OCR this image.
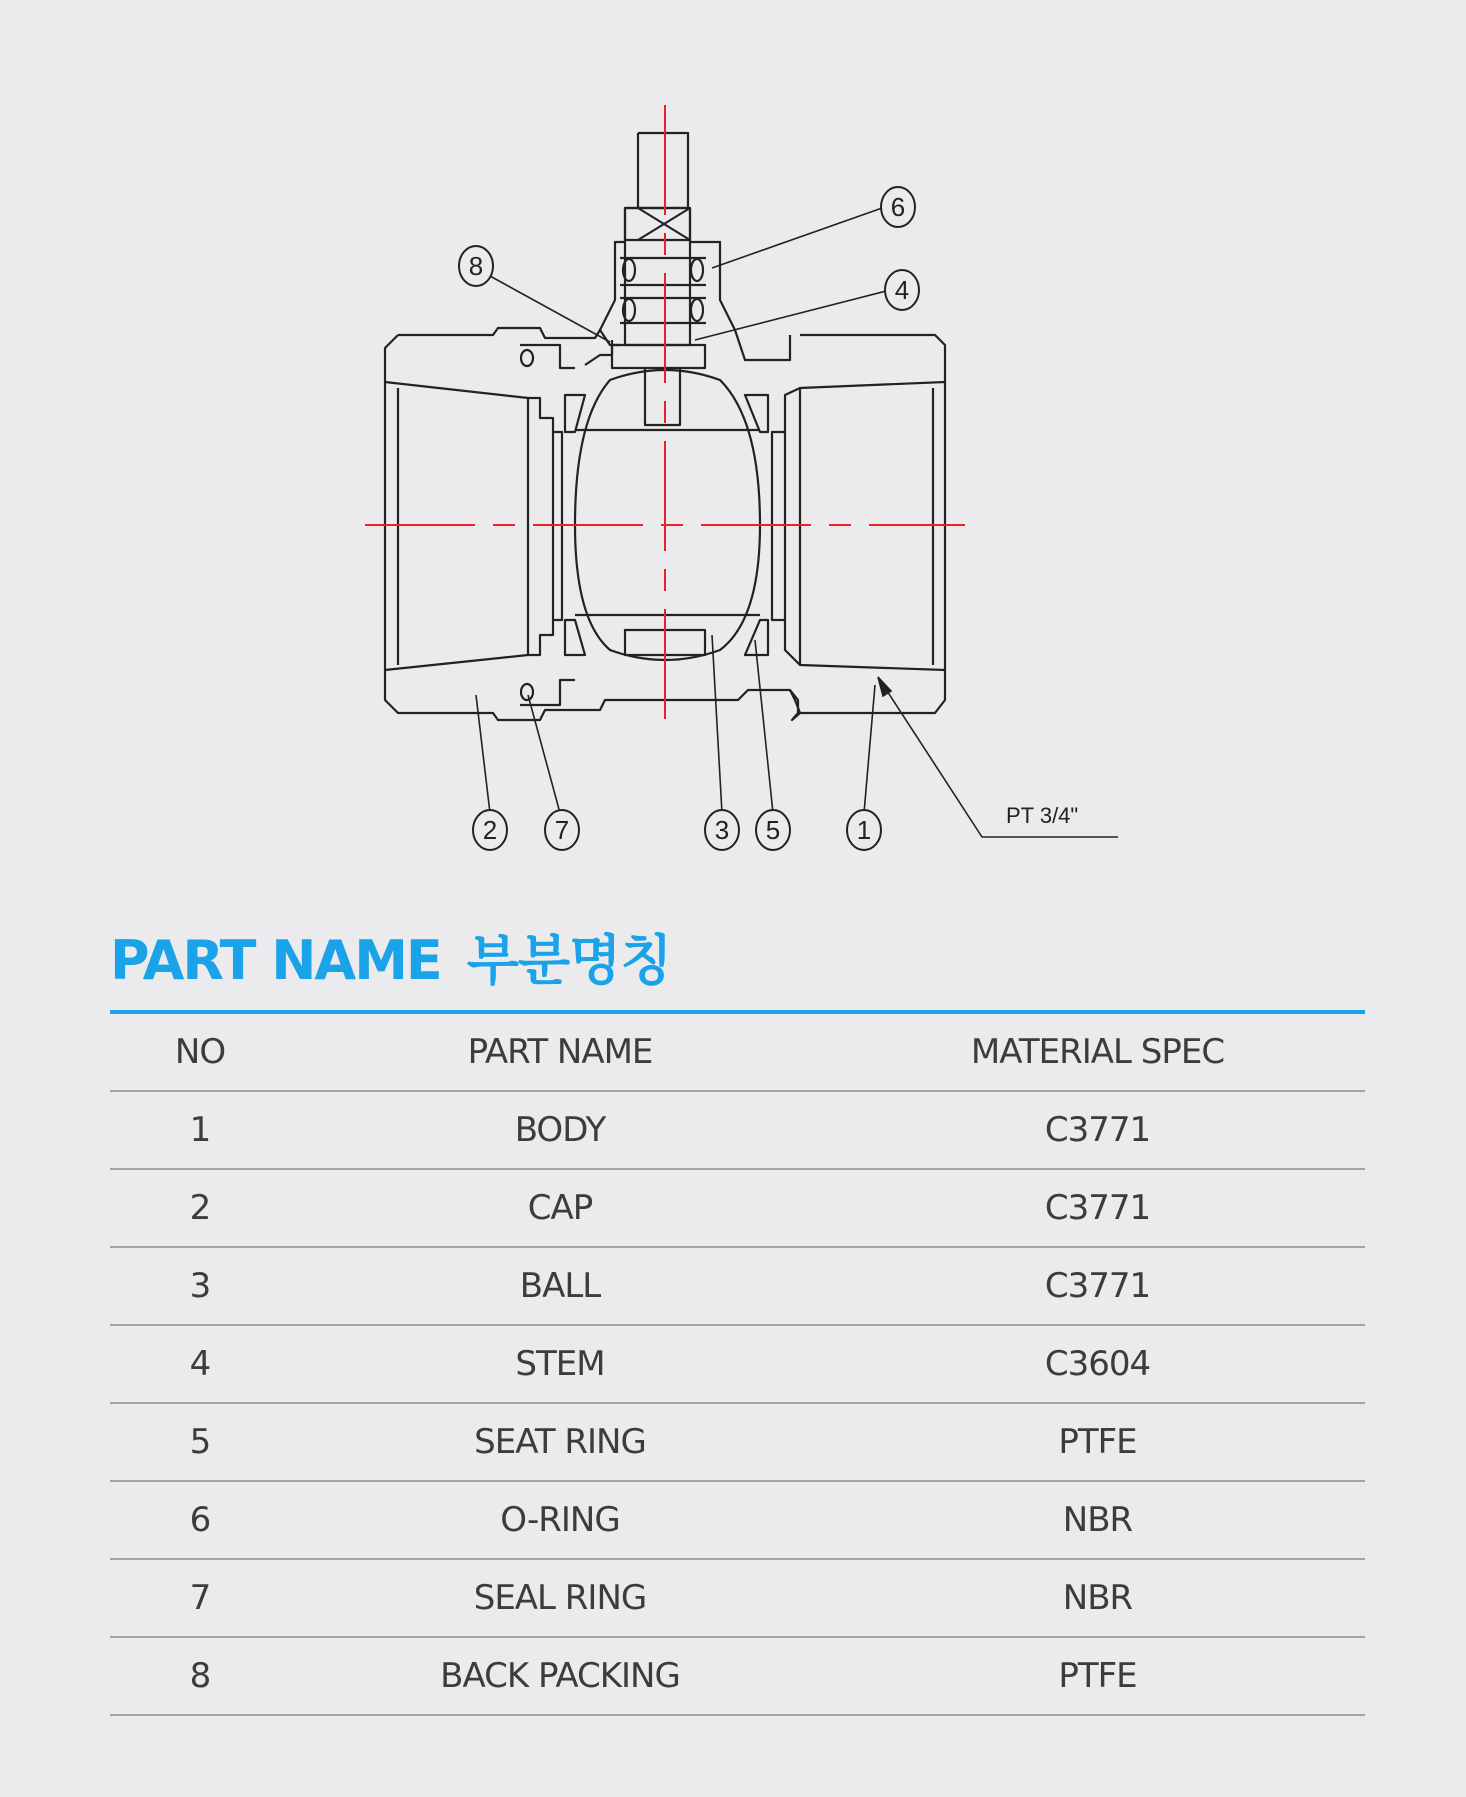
1
2	3
4
5
6
7
8
PT 3/4"
PART NAME 부분명칭
NO	PART NAME	MATERIAL SPEC
1	BODY	C3771
2	CAP	C3771
3	BALL	C3771
4	STEM	C3604
5	SEAT RING	PTFE
6	O-RING	NBR
7	SEAL RING	NBR
8	BACK PACKING	PTFE
